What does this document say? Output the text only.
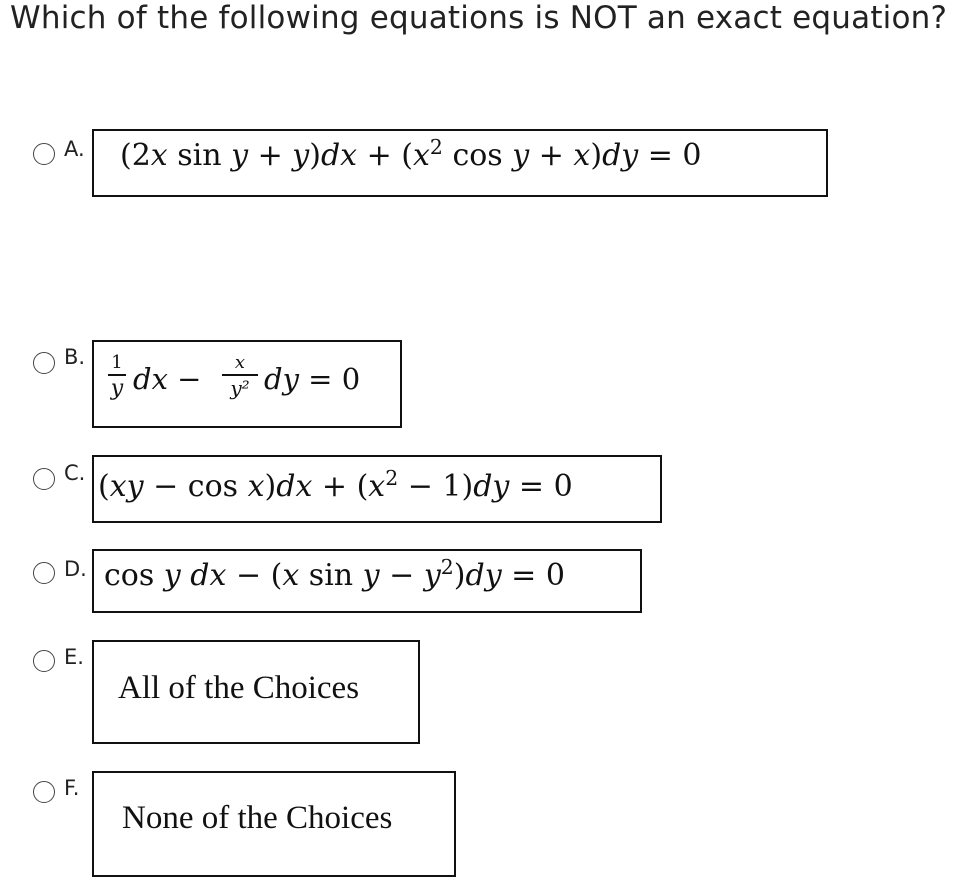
Which of the following equations is NOT an exact equation?
A. (2x $\sin y + y)dx + (x^2$ cos y + x)dy = 0
B. 1
y dx −	x
y² dy = 0
C. $(xy - \cos x)dx + (x^2 - 1)dy = 0$
D. cos y dx − (x $\sin y - y^2)dy = 0$
E.
All of the Choices
F.
None of the Choices
